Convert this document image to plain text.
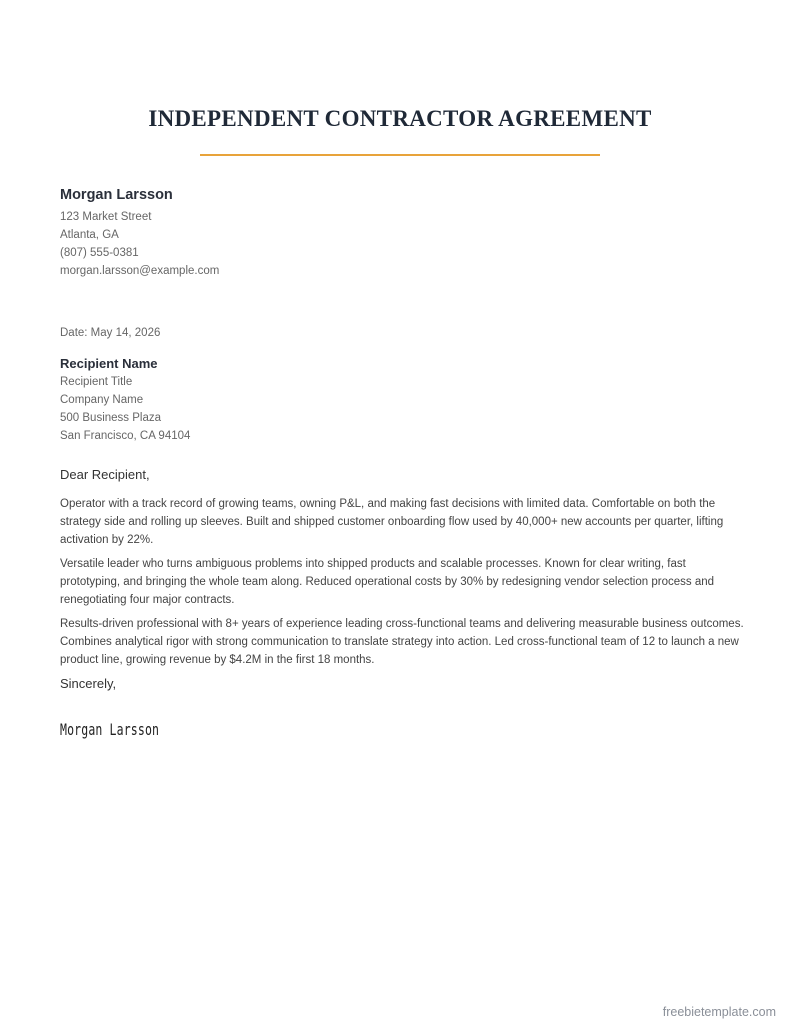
INDEPENDENT CONTRACTOR AGREEMENT
Morgan Larsson
123 Market Street
Atlanta, GA
(807) 555-0381
morgan.larsson@example.com
Date: May 14, 2026
Recipient Name
Recipient Title
Company Name
500 Business Plaza
San Francisco, CA 94104
Dear Recipient,

Operator with a track record of growing teams, owning P&L, and making fast decisions with limited data. Comfortable on both the strategy side and rolling up sleeves. Built and shipped customer onboarding flow used by 40,000+ new accounts per quarter, lifting activation by 22%.

Versatile leader who turns ambiguous problems into shipped products and scalable processes. Known for clear writing, fast prototyping, and bringing the whole team along. Reduced operational costs by 30% by redesigning vendor selection process and renegotiating four major contracts.

Results-driven professional with 8+ years of experience leading cross-functional teams and delivering measurable business outcomes. Combines analytical rigor with strong communication to translate strategy into action. Led cross-functional team of 12 to launch a new product line, growing revenue by $4.2M in the first 18 months.

Sincerely,
Morgan Larsson
freebietemplate.com
